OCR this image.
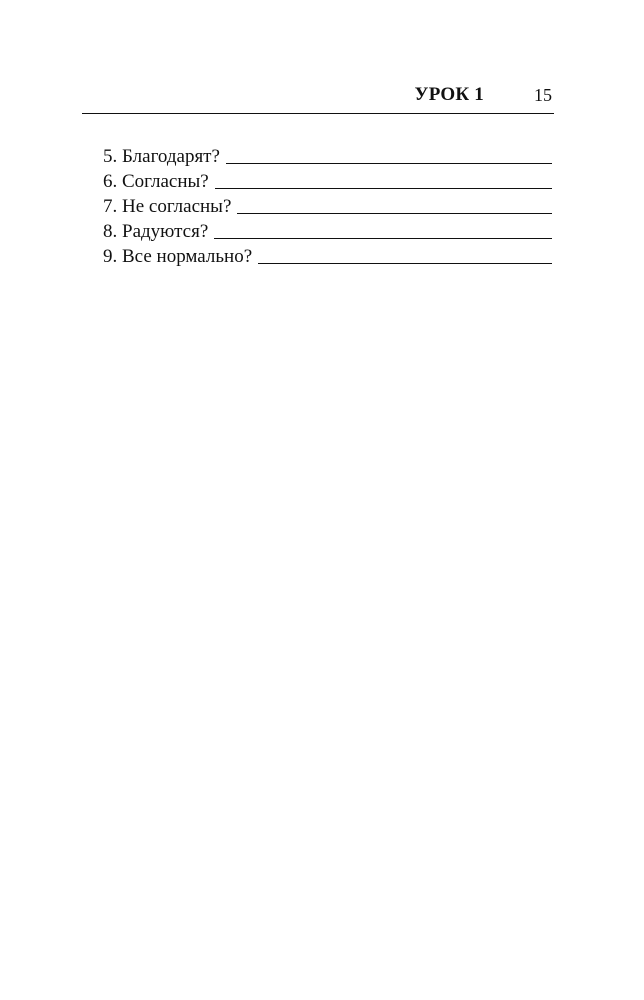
УРОК 1	15
5. Благодарят?
6. Согласны?
7. Не согласны?
8. Радуются?
9. Все нормально?
